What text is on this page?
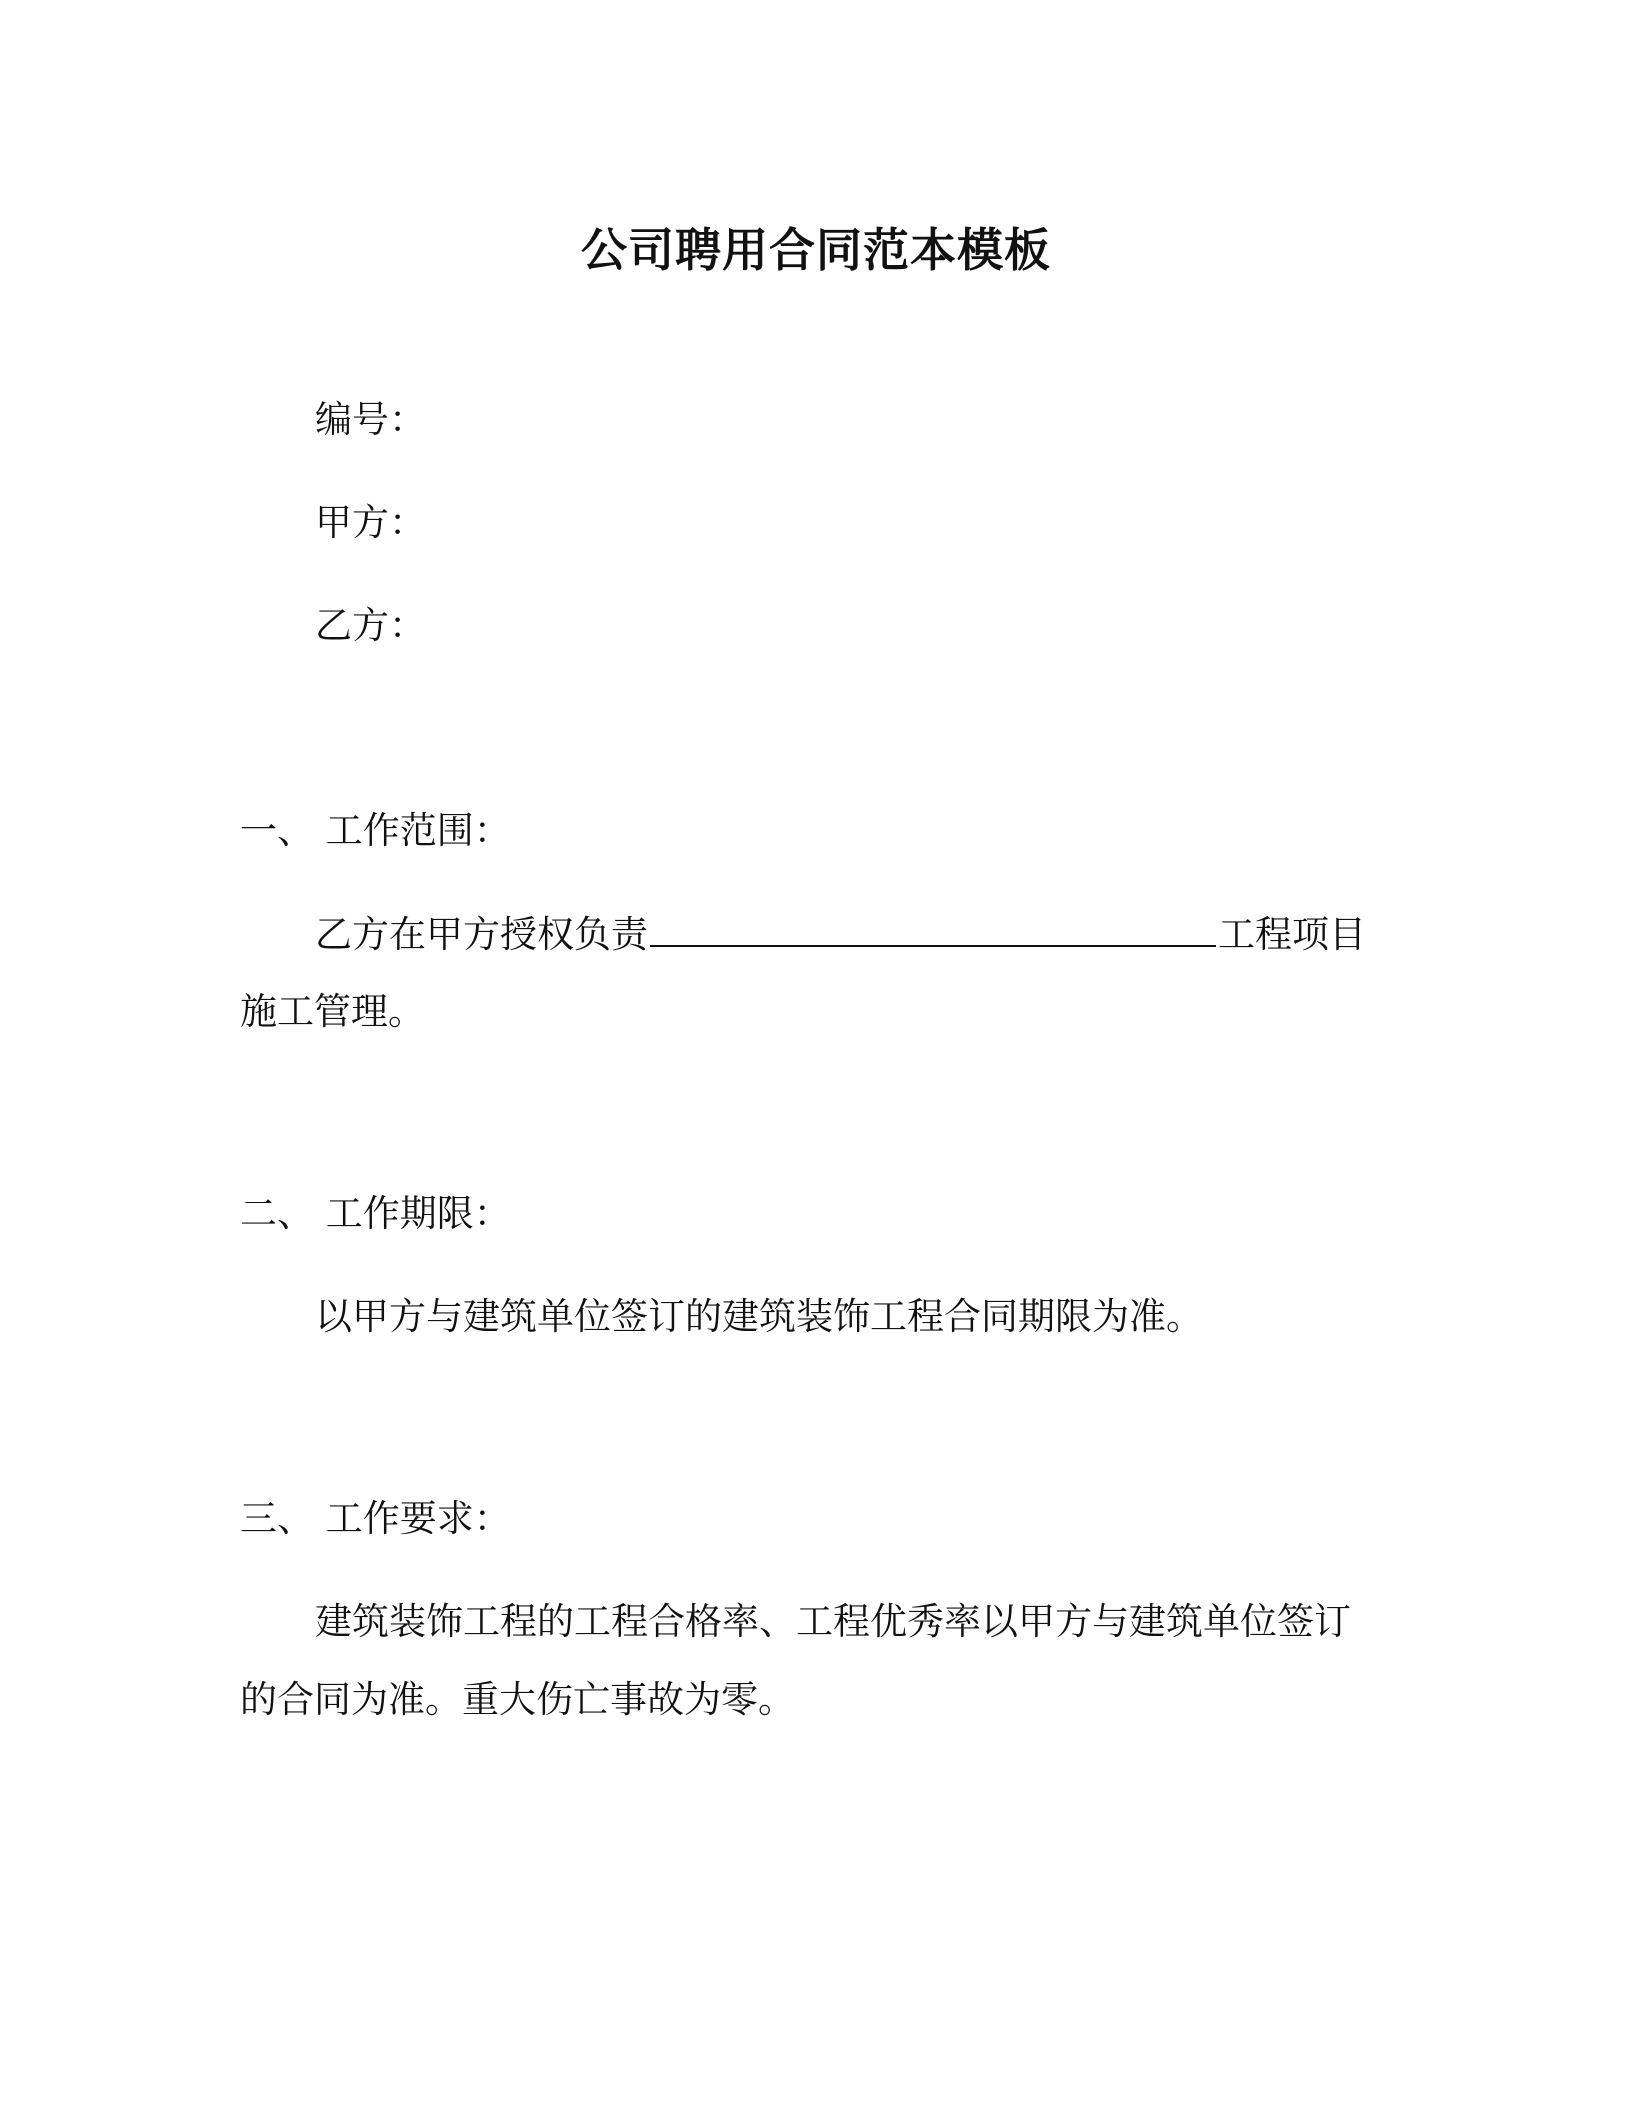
公司聘用合同范本模板
编号：
甲方：
乙方：
一、 工作范围：
乙方在甲方授权负责	工程项目
施工管理。
二、 工作期限：
以甲方与建筑单位签订的建筑装饰工程合同期限为准。
三、 工作要求：
建筑装饰工程的工程合格率、工程优秀率以甲方与建筑单位签订
的合同为准。重大伤亡事故为零。
